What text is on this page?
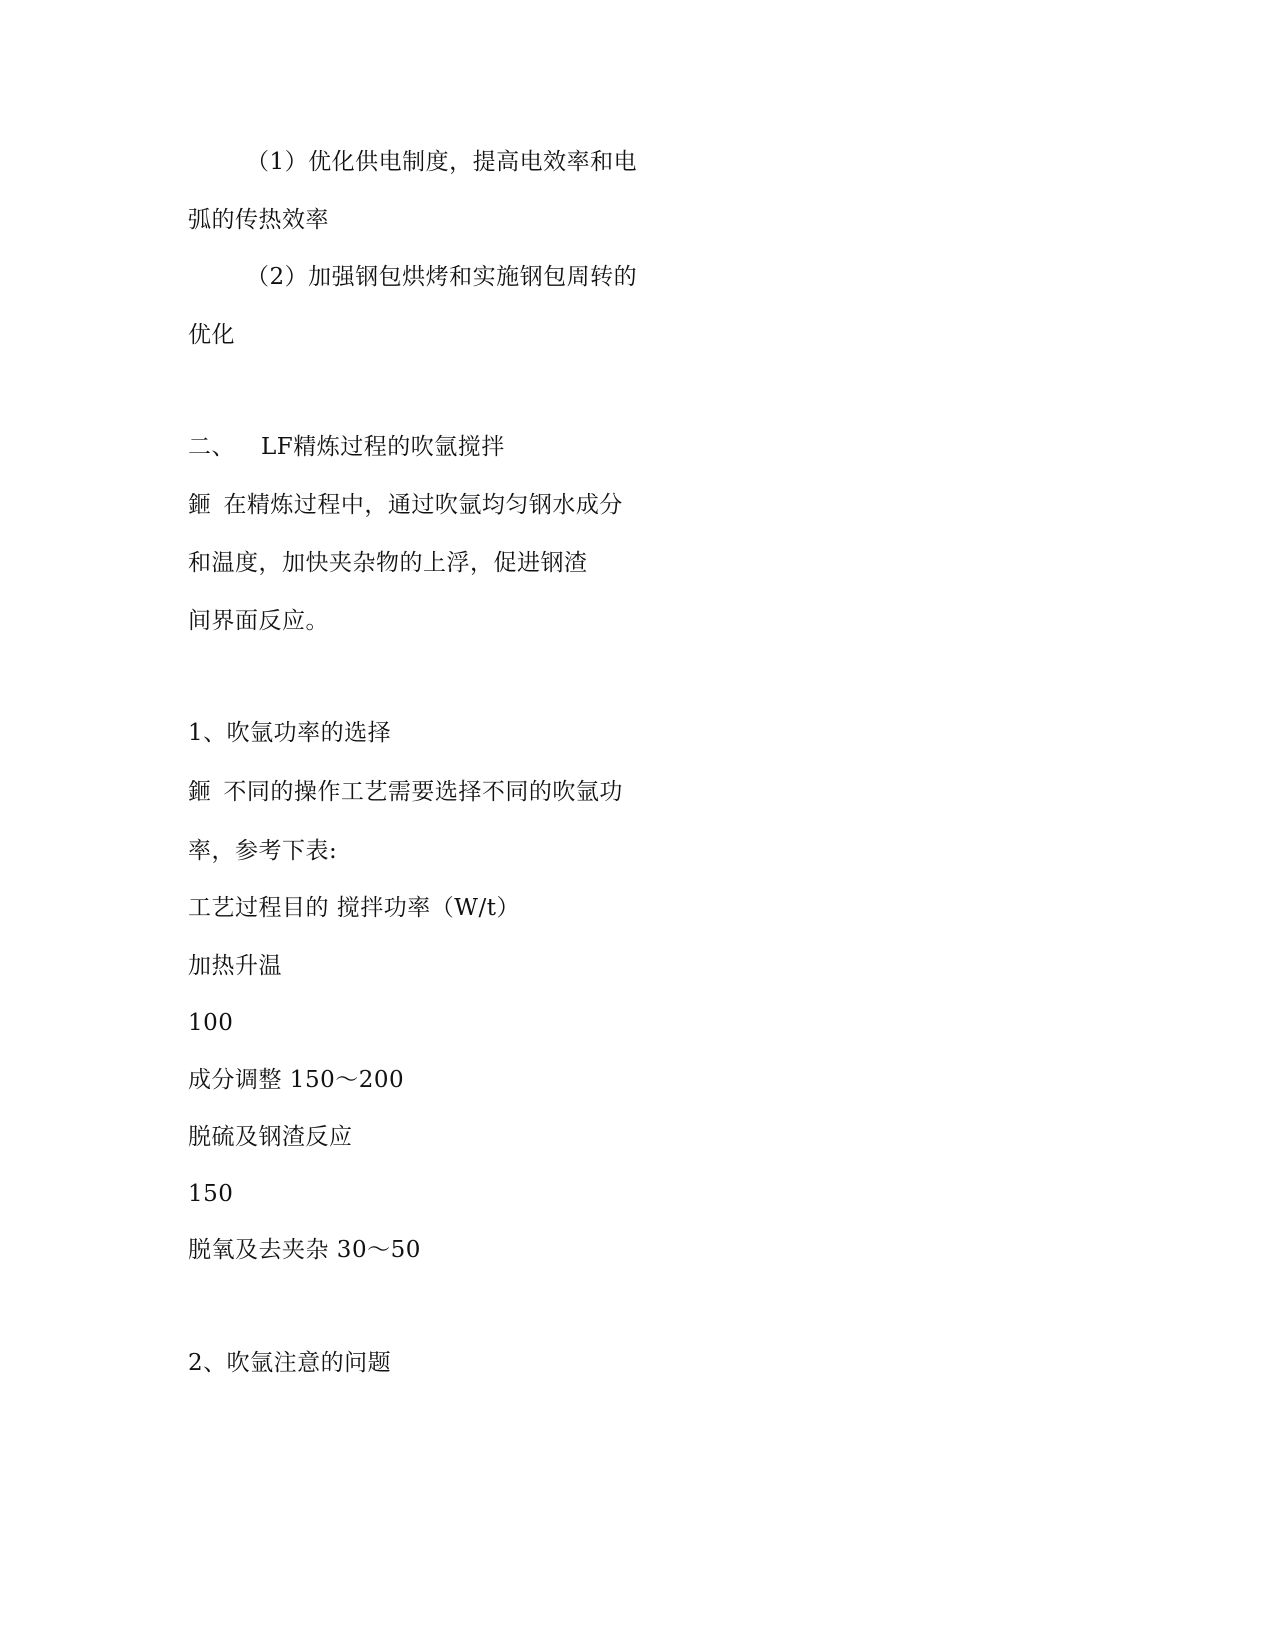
（1）优化供电制度，提高电效率和电
弧的传热效率
（2）加强钢包烘烤和实施钢包周转的
优化
二、 LF精炼过程的吹氩搅拌
鉔 在精炼过程中，通过吹氩均匀钢水成分
和温度，加快夹杂物的上浮，促进钢渣
间界面反应。
1、吹氩功率的选择
鉔 不同的操作工艺需要选择不同的吹氩功
率，参考下表:
工艺过程目的 搅拌功率（W/t）
加热升温
100
成分调整 150～200
脱硫及钢渣反应
150
脱氧及去夹杂 30～50
2、吹氩注意的问题
